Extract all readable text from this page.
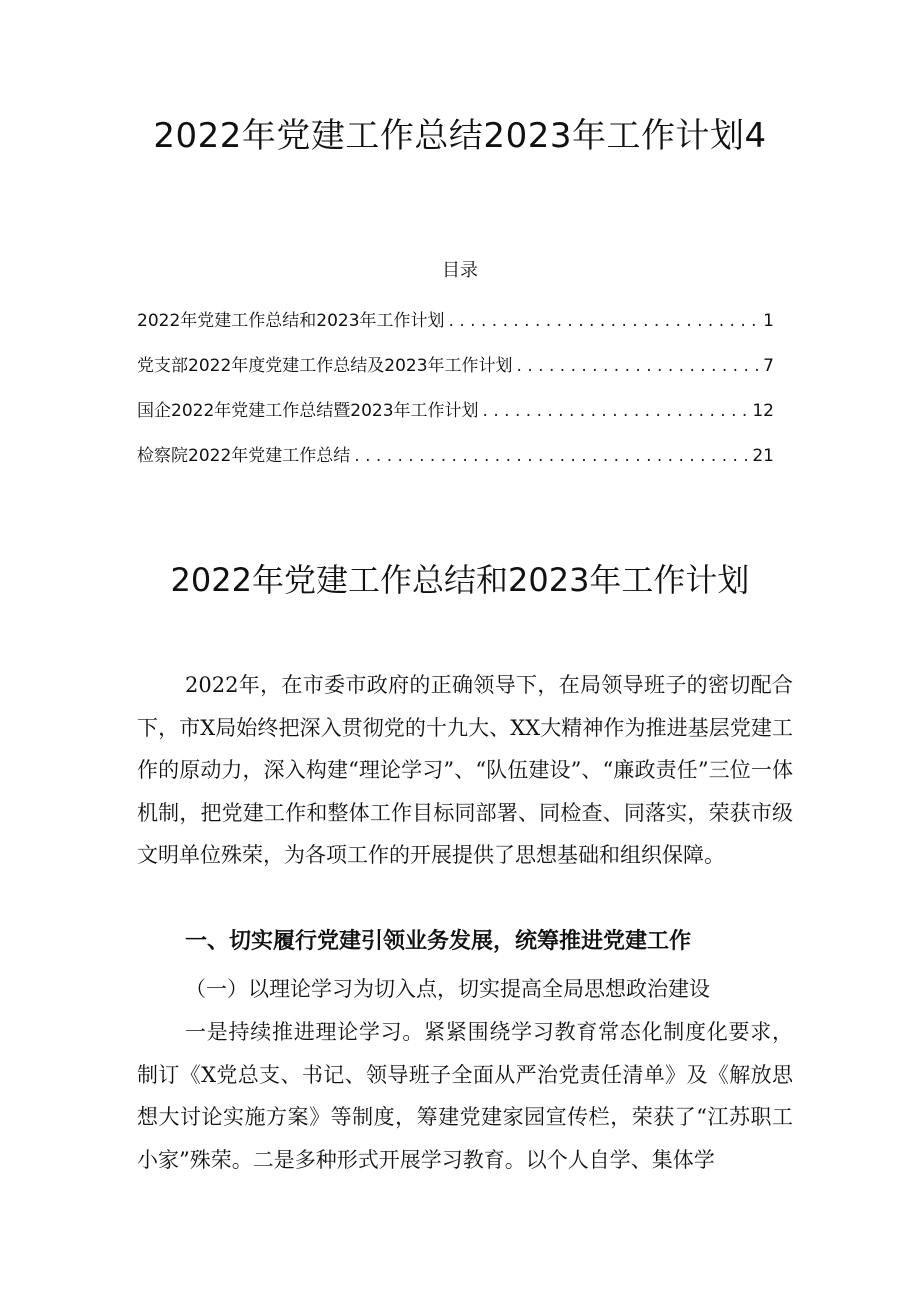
2022年党建工作总结2023年工作计划4
目录
2022年党建工作总结和2023年工作计划 . . .	1
党支部2022年度党建工作总结及2023年工作计划 . . .	7
国企2022年党建工作总结暨2023年工作计划 . . .	12
检察院2022年党建工作总结 . . .	21
2022年党建工作总结和2023年工作计划

2022年，在市委市政府的正确领导下，在局领导班子的密切配合下，市X局始终把深入贯彻党的十九大、XX大精神作为推进基层党建工作的原动力，深入构建“理论学习”、“队伍建设”、“廉政责任”三位一体机制，把党建工作和整体工作目标同部署、同检查、同落实，荣获市级文明单位殊荣，为各项工作的开展提供了思想基础和组织保障。

一、切实履行党建引领业务发展，统筹推进党建工作
（一）以理论学习为切入点，切实提高全局思想政治建设

一是持续推进理论学习。紧紧围绕学习教育常态化制度化要求，制订《X党总支、书记、领导班子全面从严治党责任清单》及《解放思想大讨论实施方案》等制度，筹建党建家园宣传栏，荣获了“江苏职工小家”殊荣。二是多种形式开展学习教育。以个人自学、集体学
